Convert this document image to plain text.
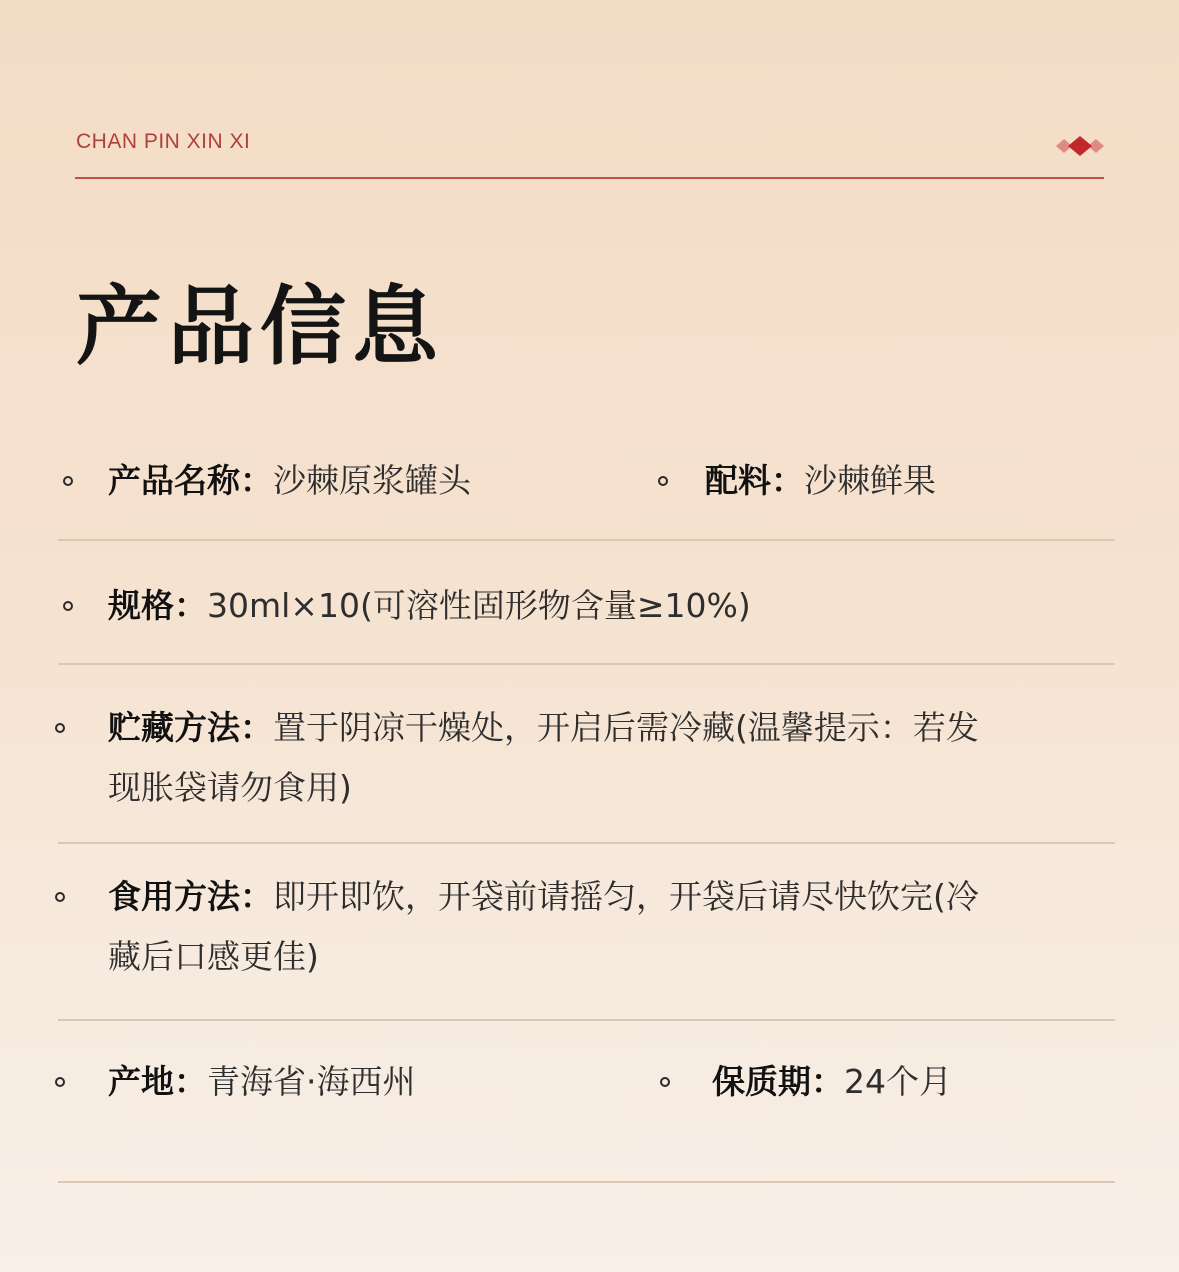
CHAN PIN XIN XI
产品信息
产品名称：沙棘原浆罐头	配料：沙棘鲜果
规格：30ml×10(可溶性固形物含量≥10%)
贮藏方法：置于阴凉干燥处，开启后需冷藏(温馨提示：若发
现胀袋请勿食用)
食用方法：即开即饮，开袋前请摇匀，开袋后请尽快饮完(冷
藏后口感更佳)
产地：青海省·海西州	保质期：24个月
